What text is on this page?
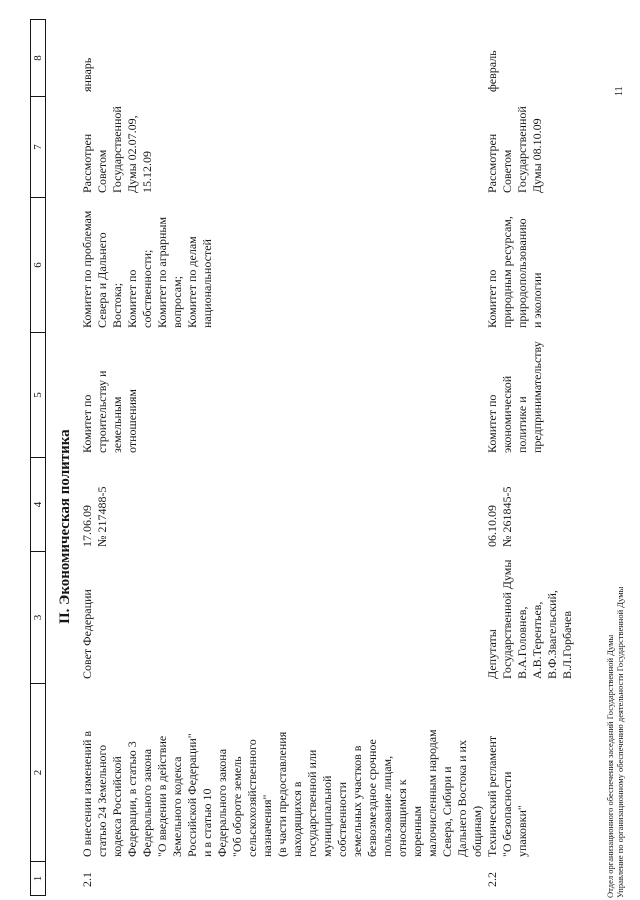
1
2
3
4
5
6
7
8
II. Экономическая политика
2.1
О внесении изменений в
статью 24 Земельного
кодекса Российской
Федерации, в статью 3
Федерального закона
"О введении в действие
Земельного кодекса
Российской Федерации"
и в статью 10
Федерального закона
"Об обороте земель
сельскохозяйственного
назначения"
(в части предоставления
находящихся в
государственной или
муниципальной
собственности
земельных участков в
безвозмездное срочное
пользование лицам,
относящимся к
коренным
малочисленным народам
Севера, Сибири и
Дальнего Востока и их
общинам)
Совет Федерации
17.06.09
№ 217488-5
Комитет по
строительству и
земельным
отношениям
Комитет по проблемам
Севера и Дальнего
Востока;
Комитет по
собственности;
Комитет по аграрным
вопросам;
Комитет по делам
национальностей
Рассмотрен
Советом
Государственной
Думы 02.07.09,
15.12.09
январь
2.2
Технический регламент
"О безопасности
упаковки"
Депутаты
Государственной Думы
В.А.Головнев,
А.В.Терентьев,
В.Ф.Звагельский,
В.Л.Горбачев
06.10.09
№ 261845-5
Комитет по
экономической
политике и
предпринимательству
Комитет по
природным ресурсам,
природопользованию
и экологии
Рассмотрен
Советом
Государственной
Думы 08.10.09
февраль
Отдел организационного обеспечения заседаний Государственной Думы Управление по организационному обеспечению деятельности Государственной Думы
11
